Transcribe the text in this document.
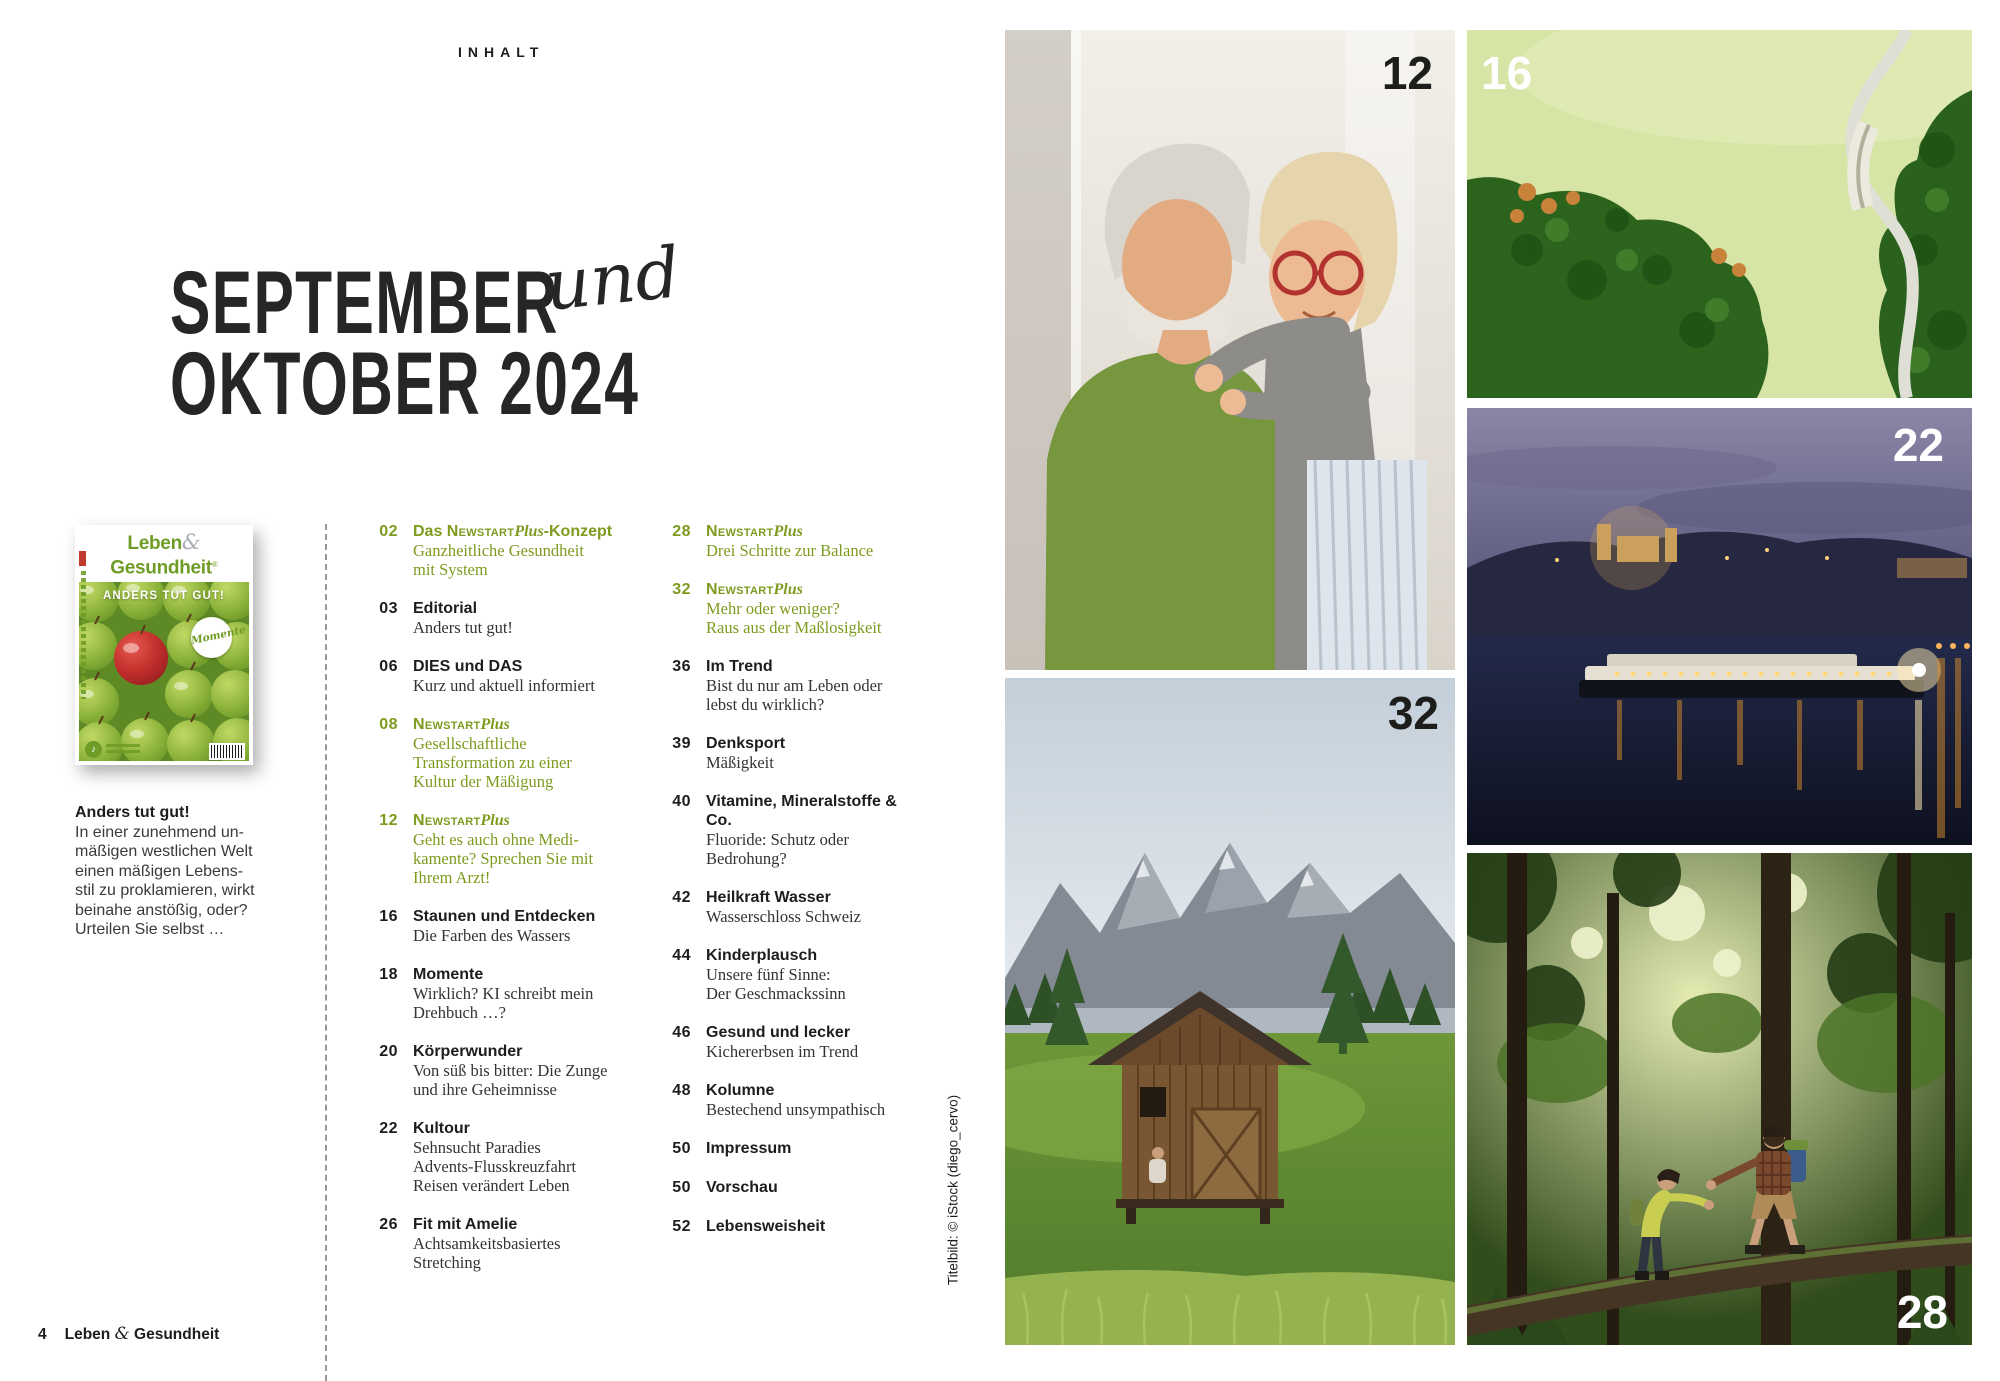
INHALT
SEPTEMBER
OKTOBER 2024
und
Leben&
Gesundheit®
ANDERS TUT GUT!
Momente
♪
Anders tut gut!
In einer zunehmend un-
mäßigen westlichen Welt
einen mäßigen Lebens-
stil zu proklamieren, wirkt
beinahe anstößig, oder?
Urteilen Sie selbst …
02 Das NewstartPlus-Konzept
Ganzheitliche Gesundheit
mit System
03 Editorial
Anders tut gut!
06 DIES und DAS
Kurz und aktuell informiert
08 NewstartPlus
Gesellschaftliche
Transformation zu einer
Kultur der Mäßigung
12 NewstartPlus
Geht es auch ohne Medi-
kamente? Sprechen Sie mit
Ihrem Arzt!
16 Staunen und Entdecken
Die Farben des Wassers
18 Momente
Wirklich? KI schreibt mein
Drehbuch …?
20 Körperwunder
Von süß bis bitter: Die Zunge
und ihre Geheimnisse
22 Kultour
Sehnsucht Paradies
Advents-Flusskreuzfahrt
Reisen verändert Leben
26 Fit mit Amelie
Achtsamkeitsbasiertes
Stretching
28 NewstartPlus
Drei Schritte zur Balance
32 NewstartPlus
Mehr oder weniger?
Raus aus der Maßlosigkeit
36 Im Trend
Bist du nur am Leben oder
lebst du wirklich?
39 Denksport
Mäßigkeit
40 Vitamine, Mineralstoffe & Co.
Fluoride: Schutz oder
Bedrohung?
42 Heilkraft Wasser
Wasserschloss Schweiz
44 Kinderplausch
Unsere fünf Sinne:
Der Geschmackssinn
46 Gesund und lecker
Kichererbsen im Trend
48 Kolumne
Bestechend unsympathisch
50 Impressum
50 Vorschau
52 Lebensweisheit	Titelbild: © iStock (diego_cervo)
12 16
22
32
28
4 Leben & Gesundheit
